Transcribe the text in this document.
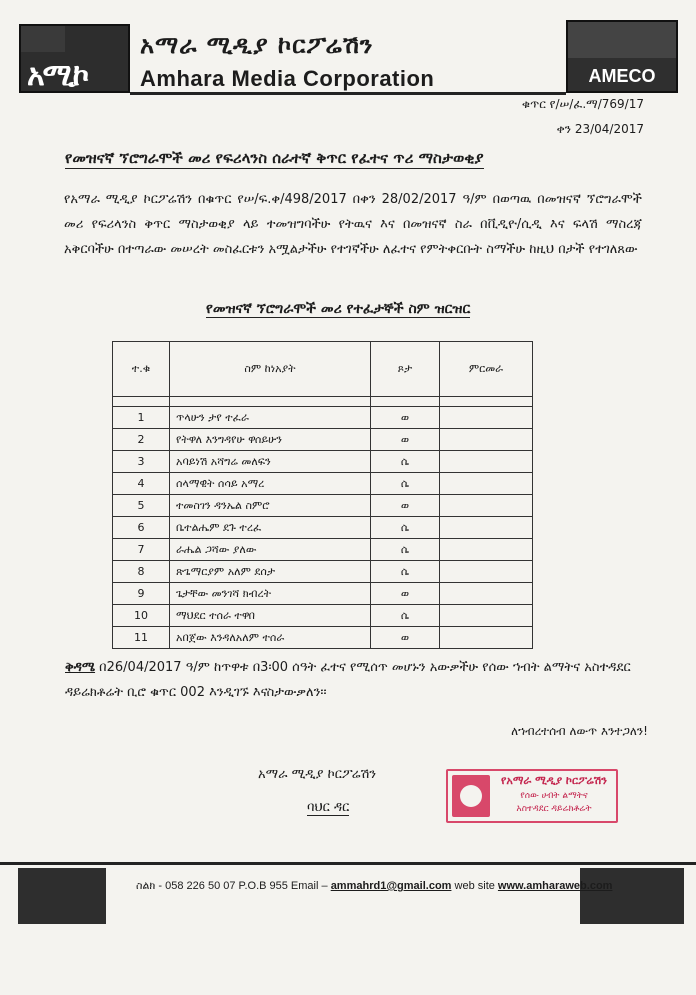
አሚኮ
አማራ ሚዲያ ኮርፖሬሽን
Amhara Media Corporation	AMECO
ቁጥር የ/ሠ/ፈ.ማ/769/17
ቀን 23/04/2017
የመዝናኛ ኘሮግራሞች መሪ የፍሪላንስ ሰራተኛ ቅጥር የፈተና ጥሪ ማስታወቂያ
የአማራ ሚዲያ ኮርፖሬሽን በቁጥር የሠ/ፍ.ቀ/498/2017 በቀን 28/02/2017 ዓ/ም በወጣዉ በመዝናኛ ኘሮግራሞች መሪ የፍሪላንስ ቅጥር ማስታወቂያ ላይ ተመዝግባችሁ የትዉና እና በመዝናኛ ስራ በቪዲዮ/ሲዲ እና ፍላሽ ማስረጃ አቅርባችሁ በተጣራው መሠረት መስፈርቱን አሟልታችሁ የተገኛችሁ ለፈተና የምትቀርቡት ስማችሁ ከዚህ በታች የተገለጸው
የመዝናኛ ኘሮግራሞች መሪ የተፈታኞች ስም ዝርዝር
ተ.ቁ	ስም ከነአያት	ጾታ	ምርመራ

1	ጥላሁን ታየ ተፈራ	ወ	
2	የትዋለ እንግዳየሁ ዋሰይሁን	ወ	
3	አባይነሽ አሻግሬ መለፍን	ሴ	
4	ሰላማዊት ሰሳይ አማረ	ሴ	
5	ተመስገን ዳንኤል ስምሮ	ወ	
6	ቤተልሔም ደጉ ተረፈ	ሴ	
7	ራሔል ጋሻው ያለው	ሴ	
8	ጽጌማርያም አለም ደሰታ	ሴ	
9	ጌታቸው መንገሻ ክብረት	ወ	
10	ማህደር ተሰራ ተዋበ	ሴ	
11	አበጀው እንዳለአለም ተሰራ	ወ	
ቅዳሜ በ26/04/2017 ዓ/ም ከጥዋቱ በ3፡00 ሰዓት ፈተና የሚሰጥ መሆኑን አውቃችሁ የሰው ኀብት ልማትና አስተዳደር ዳይሬክቶሬት ቢሮ ቁጥር 002 እንዲገኙ እናስታውቃለን፡፡
ለኀብረተሰብ ለውጥ እንተጋለን!
አማራ ሚዲያ ኮርፖሬሽን
ባህር ዳር
የአማራ ሚዲያ ኮርፖሬሽን
የሰው ሀብት ልማትና
አስተዳደር ዳይሬክቶሬት
ስልክ - 058 226 50 07 P.O.B 955 Email – ammahrd1@gmail.com web site www.amharaweb.com
